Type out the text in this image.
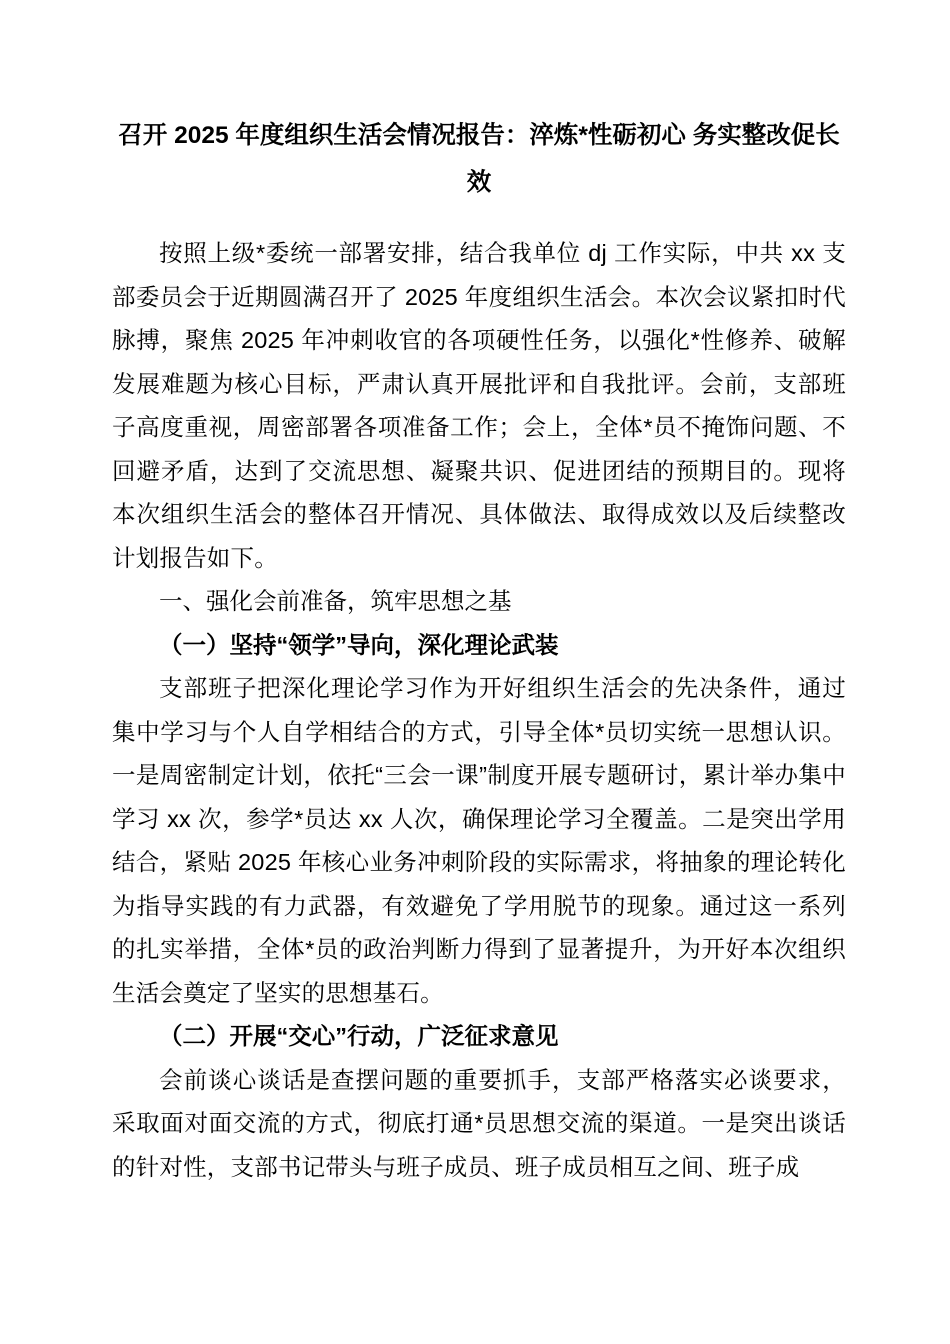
召开 2025 年度组织生活会情况报告：淬炼*性砺初心 务实整改促长效

按照上级*委统一部署安排，结合我单位 dj 工作实际，中共 xx 支部委员会于近期圆满召开了 2025 年度组织生活会。本次会议紧扣时代脉搏，聚焦 2025 年冲刺收官的各项硬性任务，以强化*性修养、破解发展难题为核心目标，严肃认真开展批评和自我批评。会前，支部班子高度重视，周密部署各项准备工作；会上，全体*员不掩饰问题、不回避矛盾，达到了交流思想、凝聚共识、促进团结的预期目的。现将本次组织生活会的整体召开情况、具体做法、取得成效以及后续整改计划报告如下。

一、强化会前准备，筑牢思想之基

（一）坚持“领学”导向，深化理论武装

支部班子把深化理论学习作为开好组织生活会的先决条件，通过集中学习与个人自学相结合的方式，引导全体*员切实统一思想认识。一是周密制定计划，依托“三会一课”制度开展专题研讨，累计举办集中学习 xx 次，参学*员达 xx 人次，确保理论学习全覆盖。二是突出学用结合，紧贴 2025 年核心业务冲刺阶段的实际需求，将抽象的理论转化为指导实践的有力武器，有效避免了学用脱节的现象。通过这一系列的扎实举措，全体*员的政治判断力得到了显著提升，为开好本次组织生活会奠定了坚实的思想基石。

（二）开展“交心”行动，广泛征求意见

会前谈心谈话是查摆问题的重要抓手，支部严格落实必谈要求，采取面对面交流的方式，彻底打通*员思想交流的渠道。一是突出谈话的针对性，支部书记带头与班子成员、班子成员相互之间、班子成
